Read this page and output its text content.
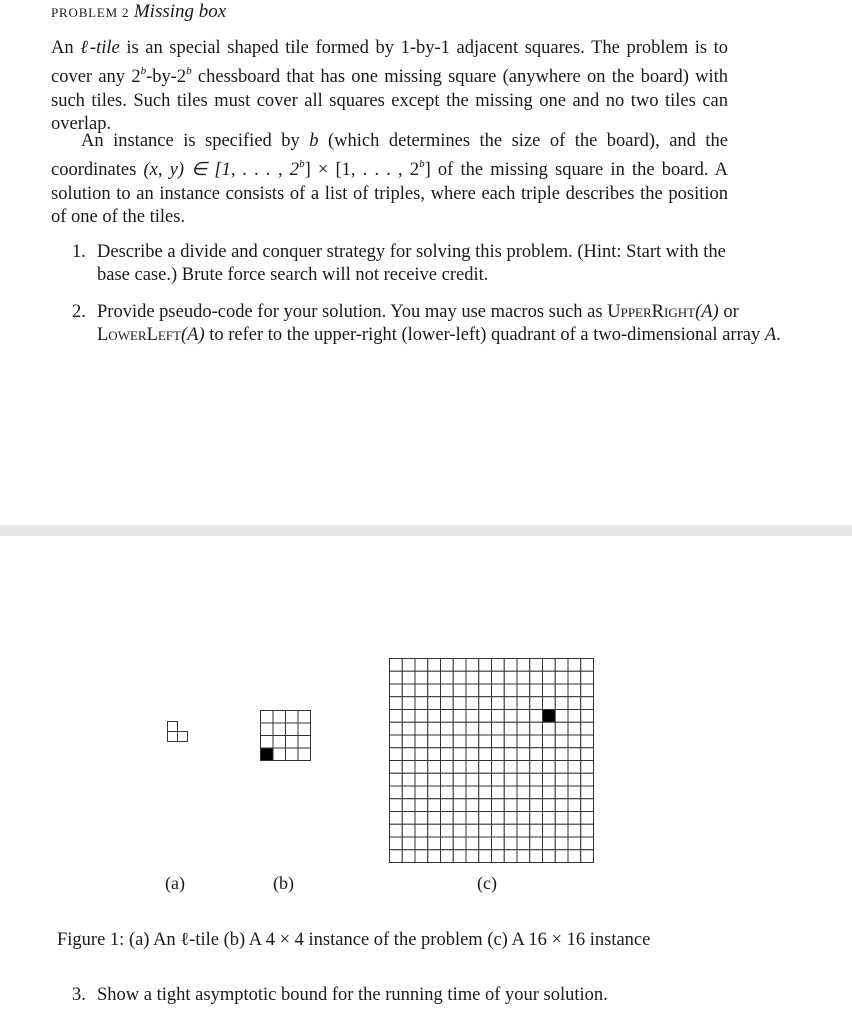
PROBLEM 2 Missing box
An ℓ-tile is an special shaped tile formed by 1-by-1 adjacent squares. The problem is to cover any 2$^b$-by-2$^b$ chessboard that has one missing square (anywhere on the board) with such tiles. Such tiles must cover all squares except the missing one and no two tiles can overlap.
An instance is specified by b (which determines the size of the board), and the coordinates (x, y) ∈ [1, . . . , $2^b] \times [1$, . . . , 2$^b$] of the missing square in the board. A solution to an instance consists of a list of triples, where each triple describes the position of one of the tiles.
1. Describe a divide and conquer strategy for solving this problem. (Hint: Start with the base case.) Brute force search will not receive credit.
2. Provide pseudo-code for your solution. You may use macros such as UpperRight(A) or LowerLeft(A) to refer to the upper-right (lower-left) quadrant of a two-dimensional array A.
(a)	(b)	(c)
Figure 1: (a) An ℓ-tile (b) A 4 × 4 instance of the problem (c) A 16 × 16 instance
3. Show a tight asymptotic bound for the running time of your solution.
